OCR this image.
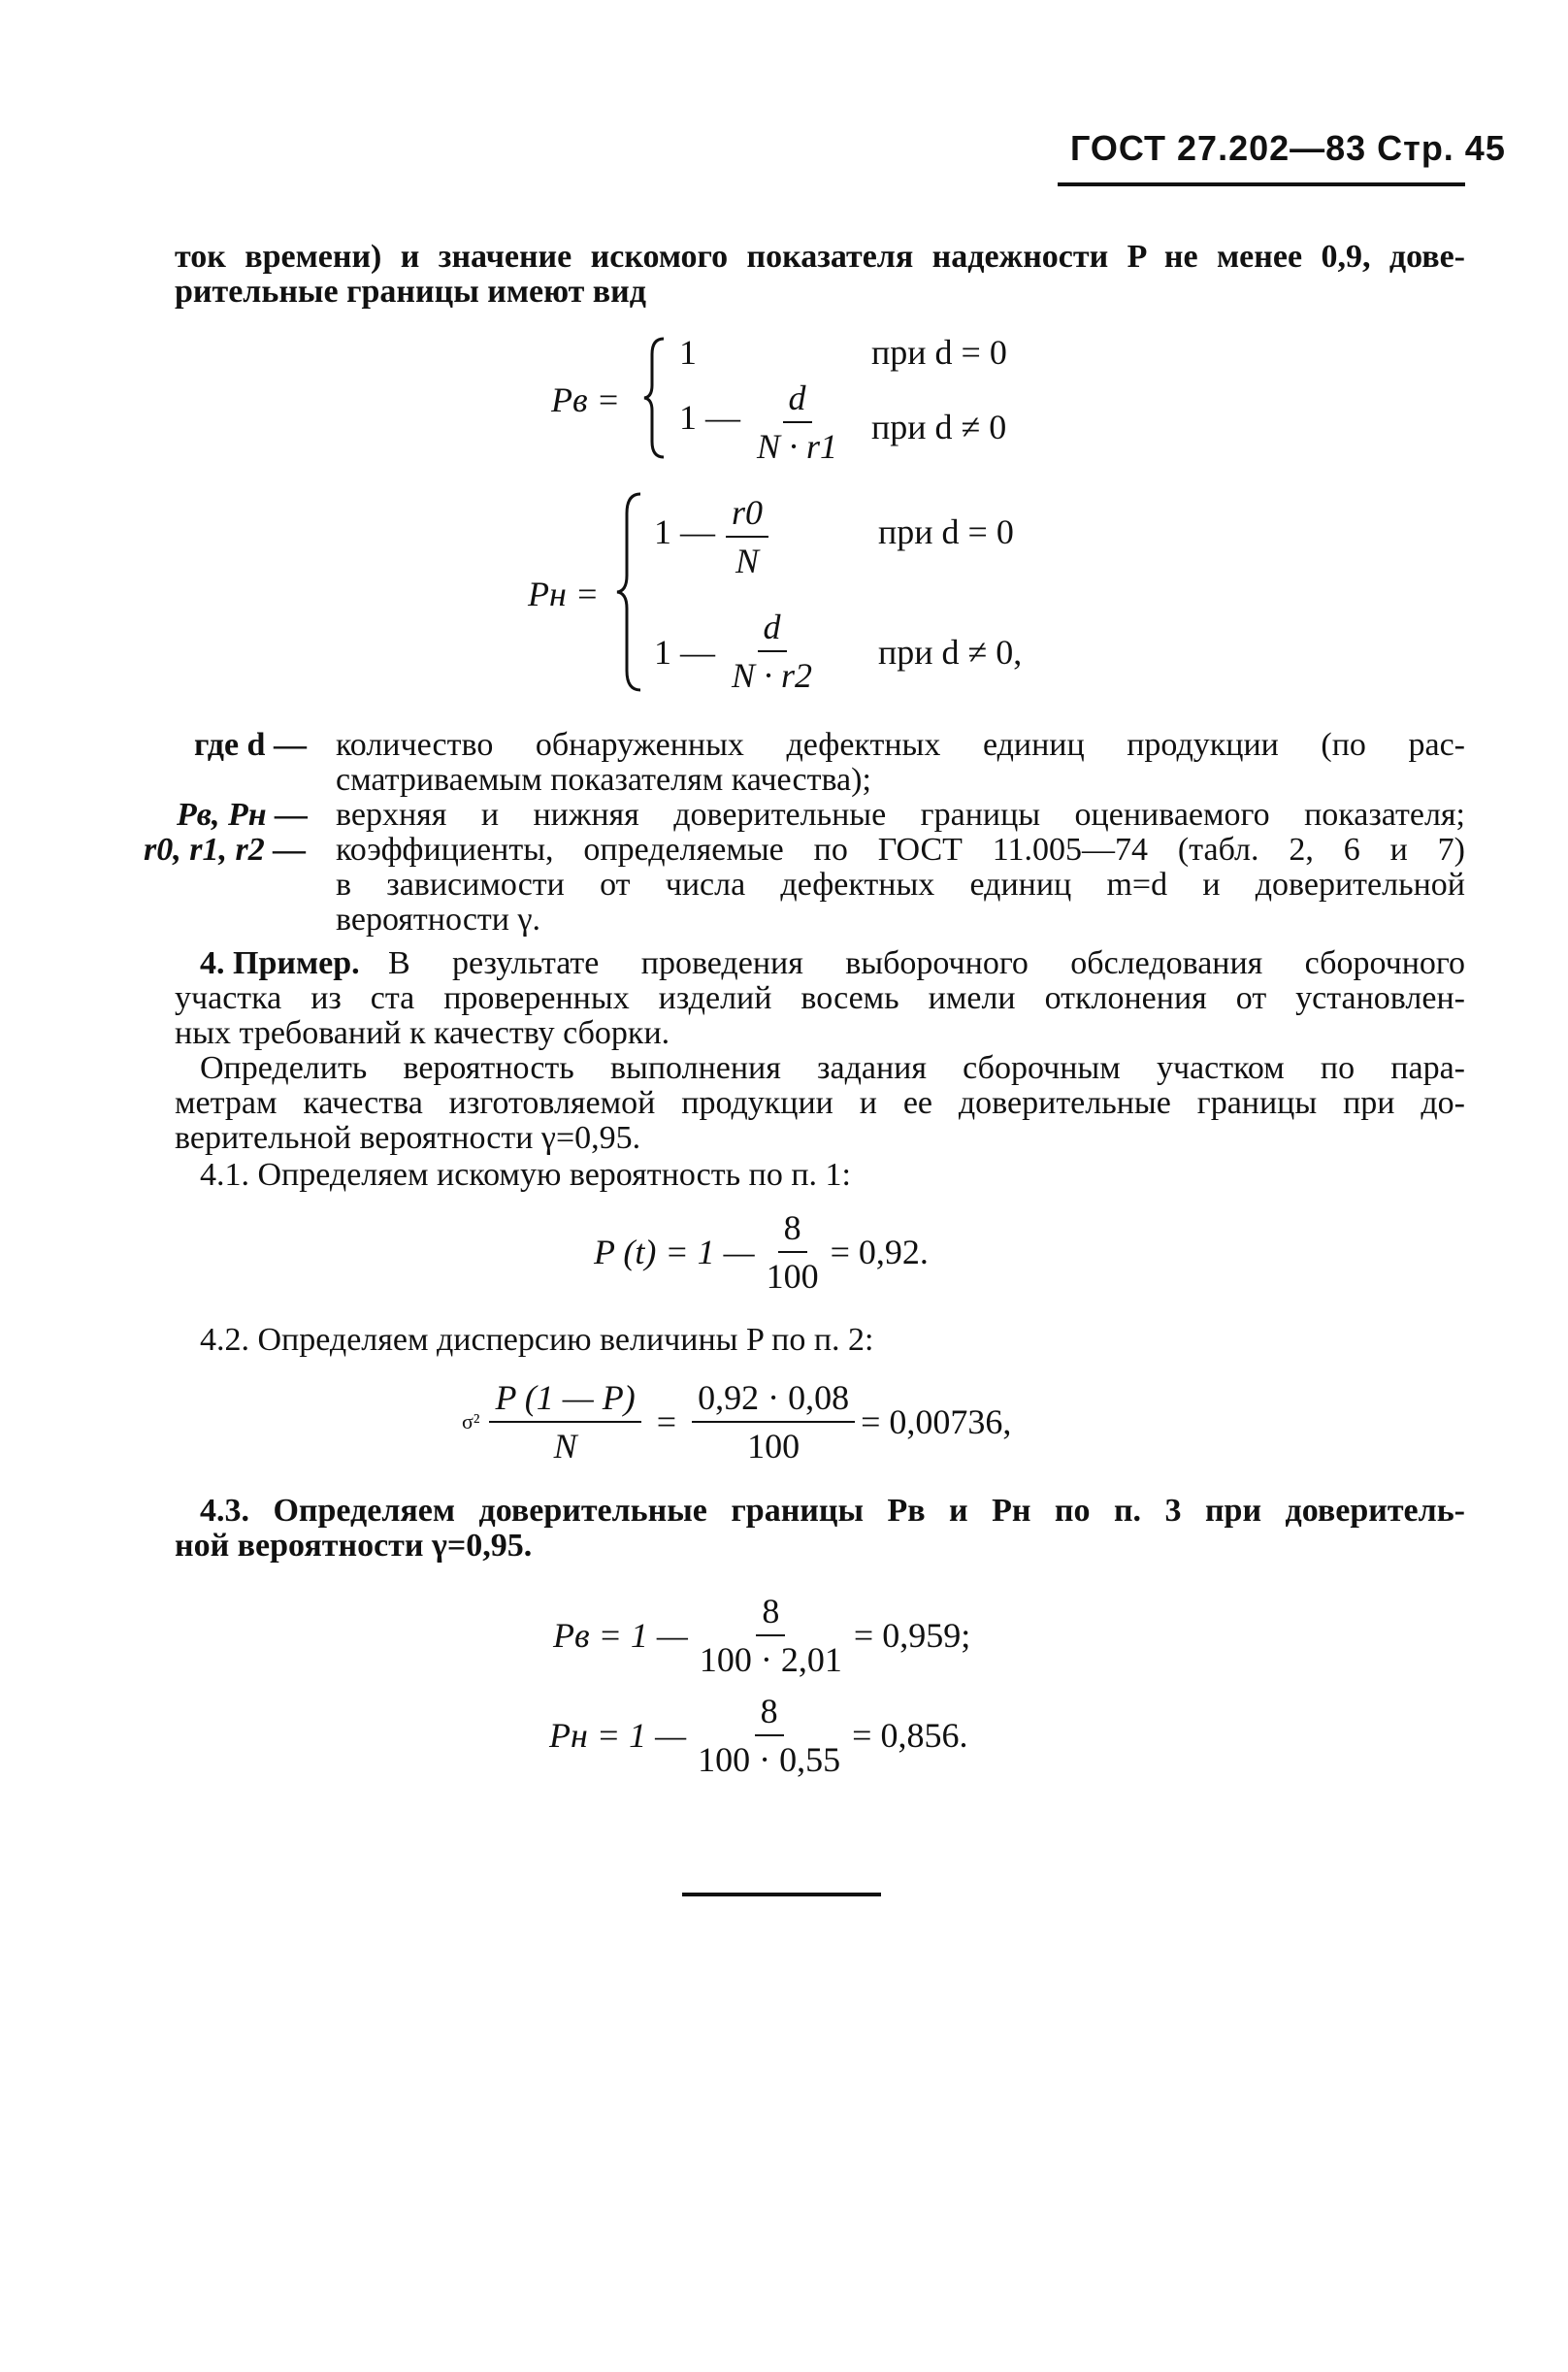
ГОСТ 27.202—83 Стр. 45
ток времени) и значение искомого показателя надежности P не менее 0,9, дове-
рительные границы имеют вид
Pв =
1	при d = 0
1 — $\frac{d}{N \cdot r1}$ при d ≠ 0
Pн =
1 — $\frac{r0}{N}$	при d = 0
1 — $\frac{d}{N \cdot r2}$ при d ≠ 0,
где d — количество обнаруженных дефектных единиц продукции (по рас-
сматриваемым показателям качества);
Pв, Pн — верхняя и нижняя доверительные границы оцениваемого показателя;
r0, r1, r2 — коэффициенты, определяемые по ГОСТ 11.005—74 (табл. 2, 6 и 7)
в зависимости от числа дефектных единиц m=d и доверительной
вероятности γ.
4. Пример. В результате проведения выборочного обследования сборочного
участка из ста проверенных изделий восемь имели отклонения от установлен-
ных требований к качеству сборки.
Определить вероятность выполнения задания сборочным участком по пара-
метрам качества изготовляемой продукции и ее доверительные границы при до-
верительной вероятности γ=0,95.
4.1. Определяем искомую вероятность по п. 1:
P (t) = 1 — $\frac{8}{100} = 0,92$.
4.2. Определяем дисперсию величины P по п. 2:
$\sigma^2 \frac{P (1 — P)}{N} = \frac{0,92 \cdot 0,08}{100} = 0,00736$,
4.3. Определяем доверительные границы Pв и Pн по п. 3 при доверитель-
ной вероятности γ=0,95.
Pв = 1 — $\frac{8}{100 \cdot 2,01} = 0,959$;
Pн = 1 — $\frac{8}{100 \cdot 0,55} = 0,856$.
